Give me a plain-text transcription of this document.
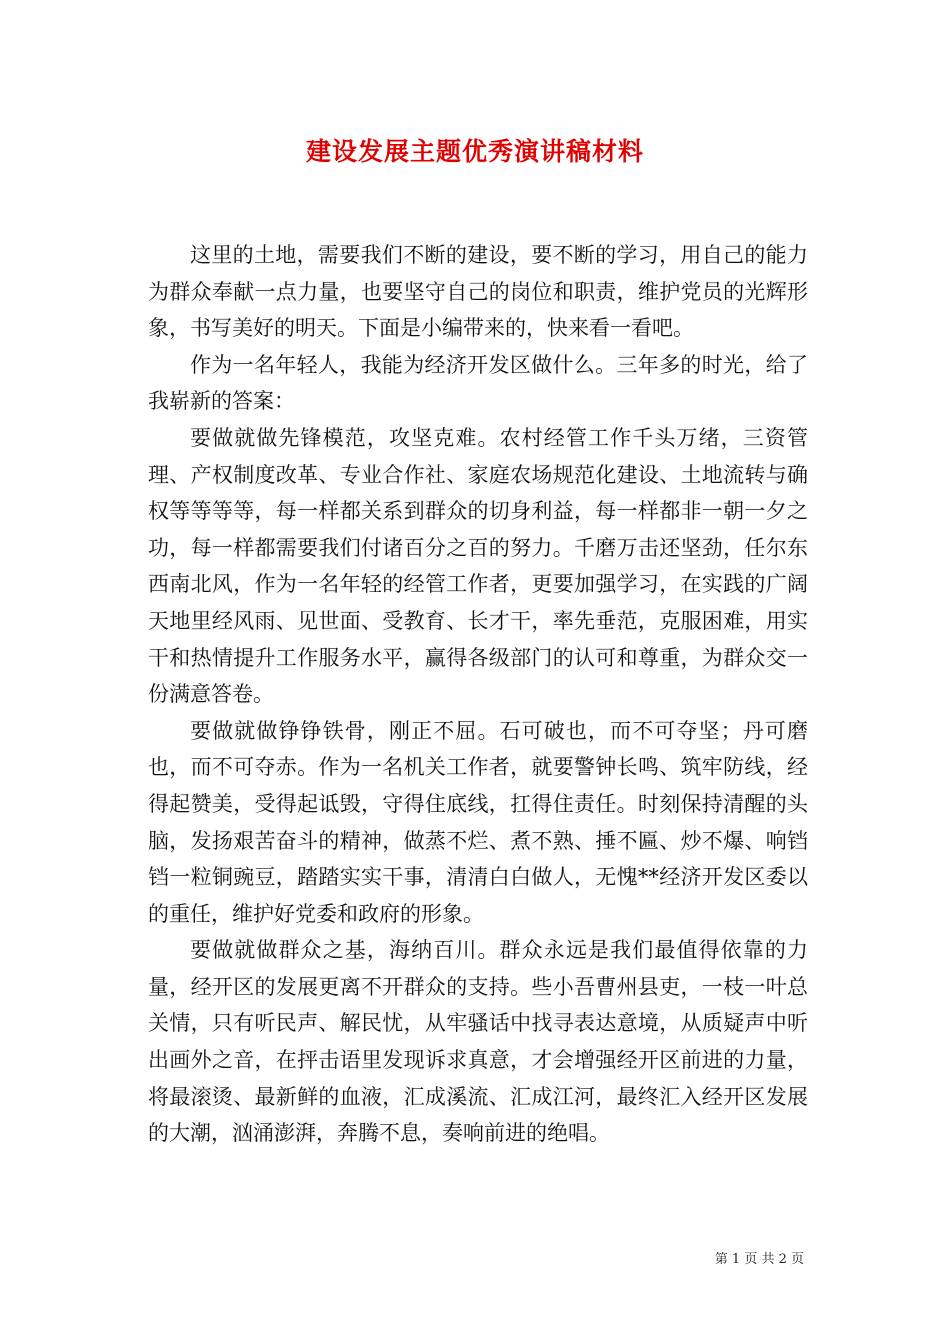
建设发展主题优秀演讲稿材料

这里的土地，需要我们不断的建设，要不断的学习，用自己的能力为群众奉献一点力量，也要坚守自己的岗位和职责，维护党员的光辉形象，书写美好的明天。下面是小编带来的，快来看一看吧。

作为一名年轻人，我能为经济开发区做什么。三年多的时光，给了我崭新的答案：

要做就做先锋模范，攻坚克难。农村经管工作千头万绪，三资管理、产权制度改革、专业合作社、家庭农场规范化建设、土地流转与确权等等等等，每一样都关系到群众的切身利益，每一样都非一朝一夕之功，每一样都需要我们付诸百分之百的努力。千磨万击还坚劲，任尔东西南北风，作为一名年轻的经管工作者，更要加强学习，在实践的广阔天地里经风雨、见世面、受教育、长才干，率先垂范，克服困难，用实干和热情提升工作服务水平，赢得各级部门的认可和尊重，为群众交一份满意答卷。

要做就做铮铮铁骨，刚正不屈。石可破也，而不可夺坚；丹可磨也，而不可夺赤。作为一名机关工作者，就要警钟长鸣、筑牢防线，经得起赞美，受得起诋毁，守得住底线，扛得住责任。时刻保持清醒的头脑，发扬艰苦奋斗的精神，做蒸不烂、煮不熟、捶不匾、炒不爆、响铛铛一粒铜豌豆，踏踏实实干事，清清白白做人，无愧**经济开发区委以的重任，维护好党委和政府的形象。

要做就做群众之基，海纳百川。群众永远是我们最值得依靠的力量，经开区的发展更离不开群众的支持。些小吾曹州县吏，一枝一叶总关情，只有听民声、解民忧，从牢骚话中找寻表达意境，从质疑声中听出画外之音，在抨击语里发现诉求真意，才会增强经开区前进的力量，将最滚烫、最新鲜的血液，汇成溪流、汇成江河，最终汇入经开区发展的大潮，汹涌澎湃，奔腾不息，奏响前进的绝唱。

第 1 页 共 2 页
